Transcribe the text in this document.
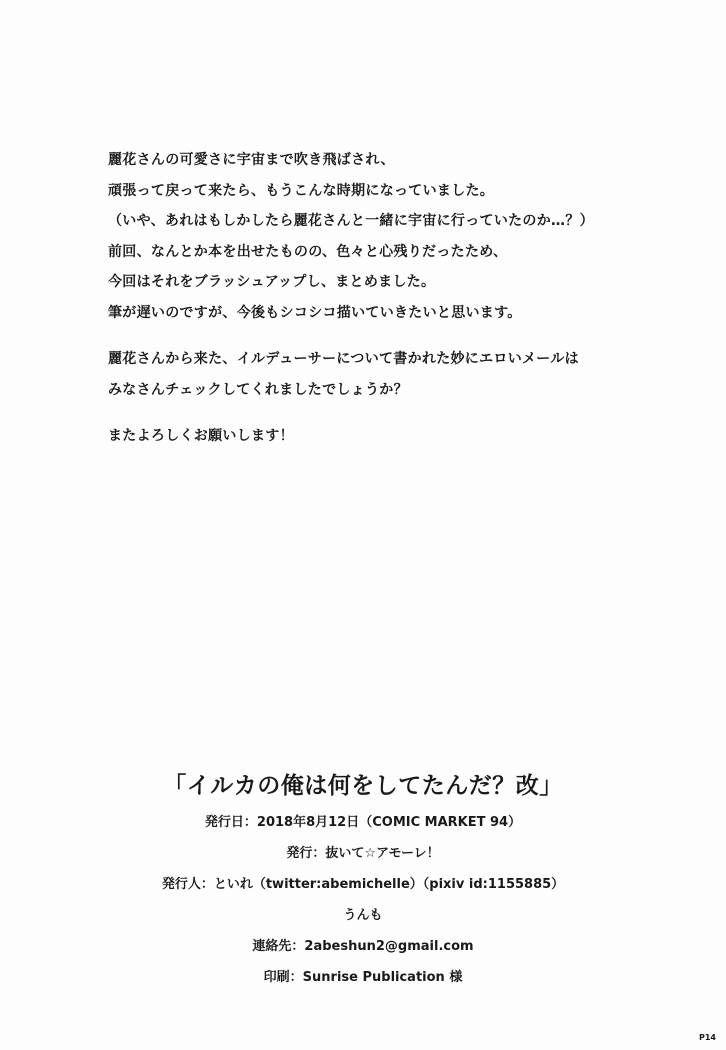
麗花さんの可愛さに宇宙まで吹き飛ばされ、
頑張って戻って来たら、もうこんな時期になっていました。
（いや、あれはもしかしたら麗花さんと一緒に宇宙に行っていたのか…？）
前回、なんとか本を出せたものの、色々と心残りだったため、
今回はそれをブラッシュアップし、まとめました。
筆が遅いのですが、今後もシコシコ描いていきたいと思います。
麗花さんから来た、イルデューサーについて書かれた妙にエロいメールは
みなさんチェックしてくれましたでしょうか？
またよろしくお願いします！
「イルカの俺は何をしてたんだ？改」
発行日：2018年8月12日（COMIC MARKET 94）
発行：抜いて☆アモーレ！
発行人：といれ（twitter:abemichelle）（pixiv id:1155885）
うんも
連絡先：2abeshun2@gmail.com
印刷：Sunrise Publication 様
P14
